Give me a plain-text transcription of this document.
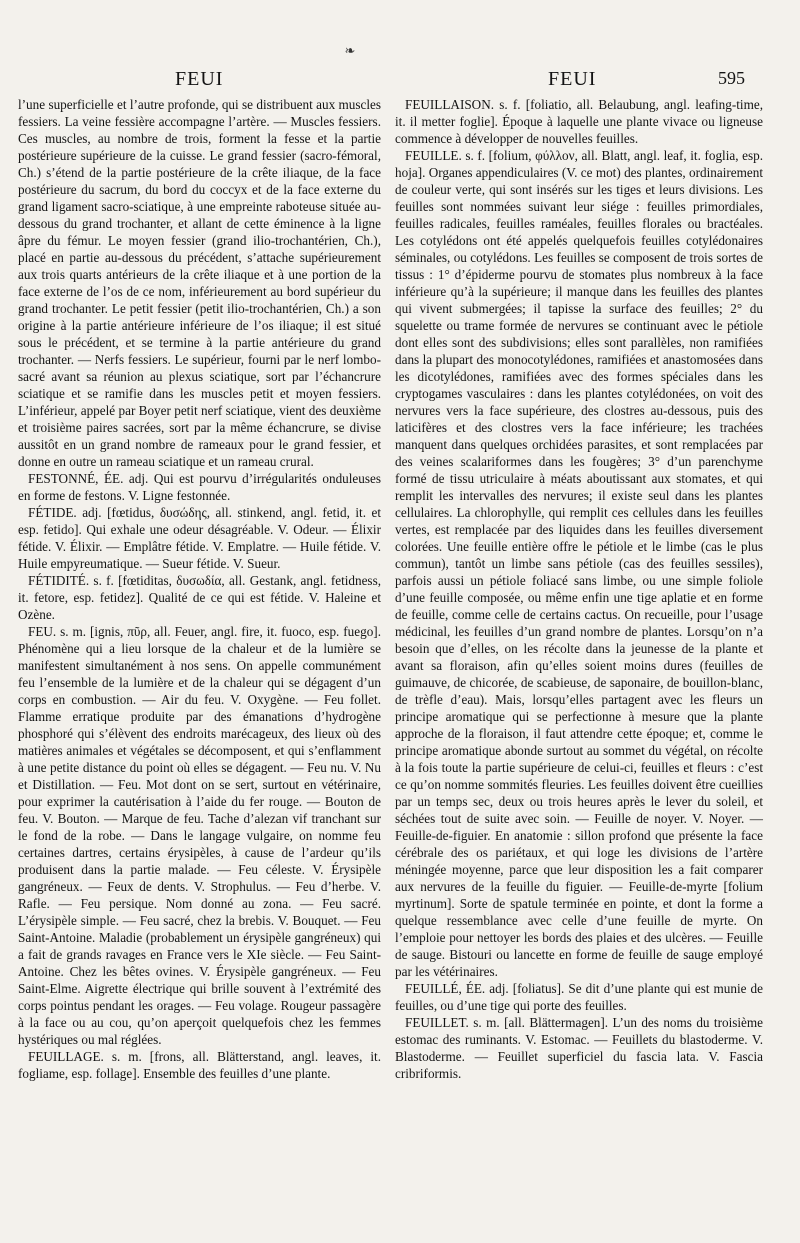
❧
FEUI	FEUI	595

l’une superficielle et l’autre profonde, qui se distribuent aux muscles fessiers. La veine fessière accompagne l’artère. — Muscles fessiers. Ces muscles, au nombre de trois, forment la fesse et la partie postérieure supérieure de la cuisse. Le grand fessier (sacro-fémoral, Ch.) s’étend de la partie postérieure de la crête iliaque, de la face postérieure du sacrum, du bord du coccyx et de la face externe du grand ligament sacro-sciatique, à une empreinte raboteuse située au-dessous du grand trochanter, et allant de cette éminence à la ligne âpre du fémur. Le moyen fessier (grand ilio-trochantérien, Ch.), placé en partie au-dessous du précédent, s’attache supérieurement aux trois quarts antérieurs de la crête iliaque et à une portion de la face externe de l’os de ce nom, inférieurement au bord supérieur du grand trochanter. Le petit fessier (petit ilio-trochantérien, Ch.) a son origine à la partie antérieure inférieure de l’os iliaque; il est situé sous le précédent, et se termine à la partie antérieure du grand trochanter. — Nerfs fessiers. Le supérieur, fourni par le nerf lombo-sacré avant sa réunion au plexus sciatique, sort par l’échancrure sciatique et se ramifie dans les muscles petit et moyen fessiers. L’inférieur, appelé par Boyer petit nerf sciatique, vient des deuxième et troisième paires sacrées, sort par la même échancrure, se divise aussitôt en un grand nombre de rameaux pour le grand fessier, et donne en outre un rameau sciatique et un rameau crural.

FESTONNÉ, ÉE. adj. Qui est pourvu d’irrégularités onduleuses en forme de festons. V. Ligne festonnée.

FÉTIDE. adj. [fœtidus, δυσώδης, all. stinkend, angl. fetid, it. et esp. fetido]. Qui exhale une odeur désagréable. V. Odeur. — Élixir fétide. V. Élixir. — Emplâtre fétide. V. Emplatre. — Huile fétide. V. Huile empyreumatique. — Sueur fétide. V. Sueur.

FÉTIDITÉ. s. f. [fœtiditas, δυσωδία, all. Gestank, angl. fetidness, it. fetore, esp. fetidez]. Qualité de ce qui est fétide. V. Haleine et Ozène.

FEU. s. m. [ignis, πῦρ, all. Feuer, angl. fire, it. fuoco, esp. fuego]. Phénomène qui a lieu lorsque de la chaleur et de la lumière se manifestent simultanément à nos sens. On appelle communément feu l’ensemble de la lumière et de la chaleur qui se dégagent d’un corps en combustion. — Air du feu. V. Oxygène. — Feu follet. Flamme erratique produite par des émanations d’hydrogène phosphoré qui s’élèvent des endroits marécageux, des lieux où des matières animales et végétales se décomposent, et qui s’enflamment à une petite distance du point où elles se dégagent. — Feu nu. V. Nu et Distillation. — Feu. Mot dont on se sert, surtout en vétérinaire, pour exprimer la cautérisation à l’aide du fer rouge. — Bouton de feu. V. Bouton. — Marque de feu. Tache d’alezan vif tranchant sur le fond de la robe. — Dans le langage vulgaire, on nomme feu certaines dartres, certains érysipèles, à cause de l’ardeur qu’ils produisent dans la partie malade. — Feu céleste. V. Érysipèle gangréneux. — Feux de dents. V. Strophulus. — Feu d’herbe. V. Rafle. — Feu persique. Nom donné au zona. — Feu sacré. L’érysipèle simple. — Feu sacré, chez la brebis. V. Bouquet. — Feu Saint-Antoine. Maladie (probablement un érysipèle gangréneux) qui a fait de grands ravages en France vers le XIe siècle. — Feu Saint-Antoine. Chez les bêtes ovines. V. Érysipèle gangréneux. — Feu Saint-Elme. Aigrette électrique qui brille souvent à l’extrémité des corps pointus pendant les orages. — Feu volage. Rougeur passagère à la face ou au cou, qu’on aperçoit quelquefois chez les femmes hystériques ou mal réglées.

FEUILLAGE. s. m. [frons, all. Blätterstand, angl. leaves, it. fogliame, esp. follage]. Ensemble des feuilles d’une plante.

FEUILLAISON. s. f. [foliatio, all. Belaubung, angl. leafing-time, it. il metter foglie]. Époque à laquelle une plante vivace ou ligneuse commence à développer de nouvelles feuilles.

FEUILLE. s. f. [folium, φύλλον, all. Blatt, angl. leaf, it. foglia, esp. hoja]. Organes appendiculaires (V. ce mot) des plantes, ordinairement de couleur verte, qui sont insérés sur les tiges et leurs divisions. Les feuilles sont nommées suivant leur siége : feuilles primordiales, feuilles radicales, feuilles raméales, feuilles florales ou bractéales. Les cotylédons ont été appelés quelquefois feuilles cotylédonaires séminales, ou cotylédons. Les feuilles se composent de trois sortes de tissus : 1° d’épiderme pourvu de stomates plus nombreux à la face inférieure qu’à la supérieure; il manque dans les feuilles des plantes qui vivent submergées; il tapisse la surface des feuilles; 2° du squelette ou trame formée de nervures se continuant avec le pétiole dont elles sont des subdivisions; elles sont parallèles, non ramifiées dans la plupart des monocotylédones, ramifiées et anastomosées dans les dicotylédones, ramifiées avec des formes spéciales dans les cryptogames vasculaires : dans les plantes cotylédonées, on voit des nervures vers la face supérieure, des clostres au-dessous, puis des laticifères et des clostres vers la face inférieure; les trachées manquent dans quelques orchidées parasites, et sont remplacées par des veines scalariformes dans les fougères; 3° d’un parenchyme formé de tissu utriculaire à méats aboutissant aux stomates, et qui remplit les intervalles des nervures; il existe seul dans les plantes cellulaires. La chlorophylle, qui remplit ces cellules dans les feuilles vertes, est remplacée par des liquides dans les feuilles diversement colorées. Une feuille entière offre le pétiole et le limbe (cas le plus commun), tantôt un limbe sans pétiole (cas des feuilles sessiles), parfois aussi un pétiole foliacé sans limbe, ou une simple foliole d’une feuille composée, ou même enfin une tige aplatie et en forme de feuille, comme celle de certains cactus. On recueille, pour l’usage médicinal, les feuilles d’un grand nombre de plantes. Lorsqu’on n’a besoin que d’elles, on les récolte dans la jeunesse de la plante et avant sa floraison, afin qu’elles soient moins dures (feuilles de guimauve, de chicorée, de scabieuse, de saponaire, de bouillon-blanc, de trèfle d’eau). Mais, lorsqu’elles partagent avec les fleurs un principe aromatique qui se perfectionne à mesure que la plante approche de la floraison, il faut attendre cette époque; et, comme le principe aromatique abonde surtout au sommet du végétal, on récolte à la fois toute la partie supérieure de celui-ci, feuilles et fleurs : c’est ce qu’on nomme sommités fleuries. Les feuilles doivent être cueillies par un temps sec, deux ou trois heures après le lever du soleil, et séchées tout de suite avec soin. — Feuille de noyer. V. Noyer. — Feuille-de-figuier. En anatomie : sillon profond que présente la face cérébrale des os pariétaux, et qui loge les divisions de l’artère méningée moyenne, parce que leur disposition les a fait comparer aux nervures de la feuille du figuier. — Feuille-de-myrte [folium myrtinum]. Sorte de spatule terminée en pointe, et dont la forme a quelque ressemblance avec celle d’une feuille de myrte. On l’emploie pour nettoyer les bords des plaies et des ulcères. — Feuille de sauge. Bistouri ou lancette en forme de feuille de sauge employé par les vétérinaires.

FEUILLÉ, ÉE. adj. [foliatus]. Se dit d’une plante qui est munie de feuilles, ou d’une tige qui porte des feuilles.

FEUILLET. s. m. [all. Blättermagen]. L’un des noms du troisième estomac des ruminants. V. Estomac. — Feuillets du blastoderme. V. Blastoderme. — Feuillet superficiel du fascia lata. V. Fascia cribriformis.
